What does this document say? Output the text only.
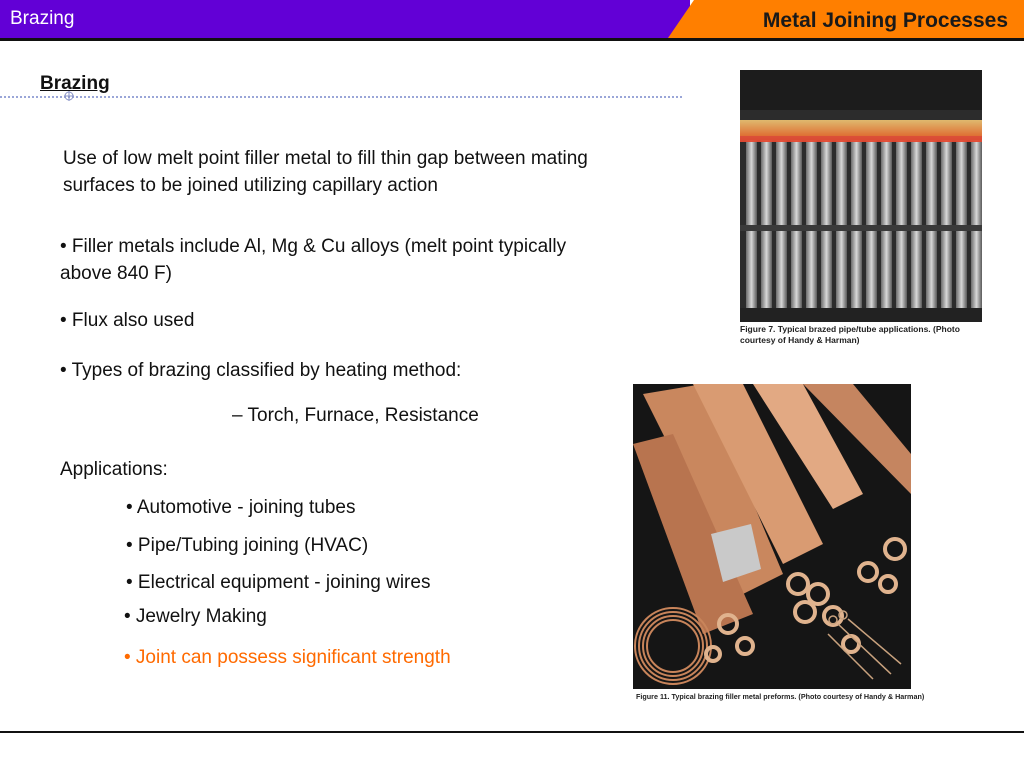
Brazing	Metal Joining Processes
Brazing
Use of low melt point filler metal to fill thin gap between mating surfaces to be joined utilizing capillary action
• Filler metals include Al, Mg & Cu alloys (melt point typically above 840 F)
• Flux also used
• Types of brazing classified by heating method:
– Torch, Furnace, Resistance
Applications:
• Automotive - joining tubes
• Pipe/Tubing joining (HVAC)
• Electrical equipment - joining wires
• Jewelry Making
• Joint can possess significant strength
Figure 7. Typical brazed pipe/tube applications. (Photo courtesy of Handy & Harman)
Figure 11. Typical brazing filler metal preforms. (Photo courtesy of Handy & Harman)
